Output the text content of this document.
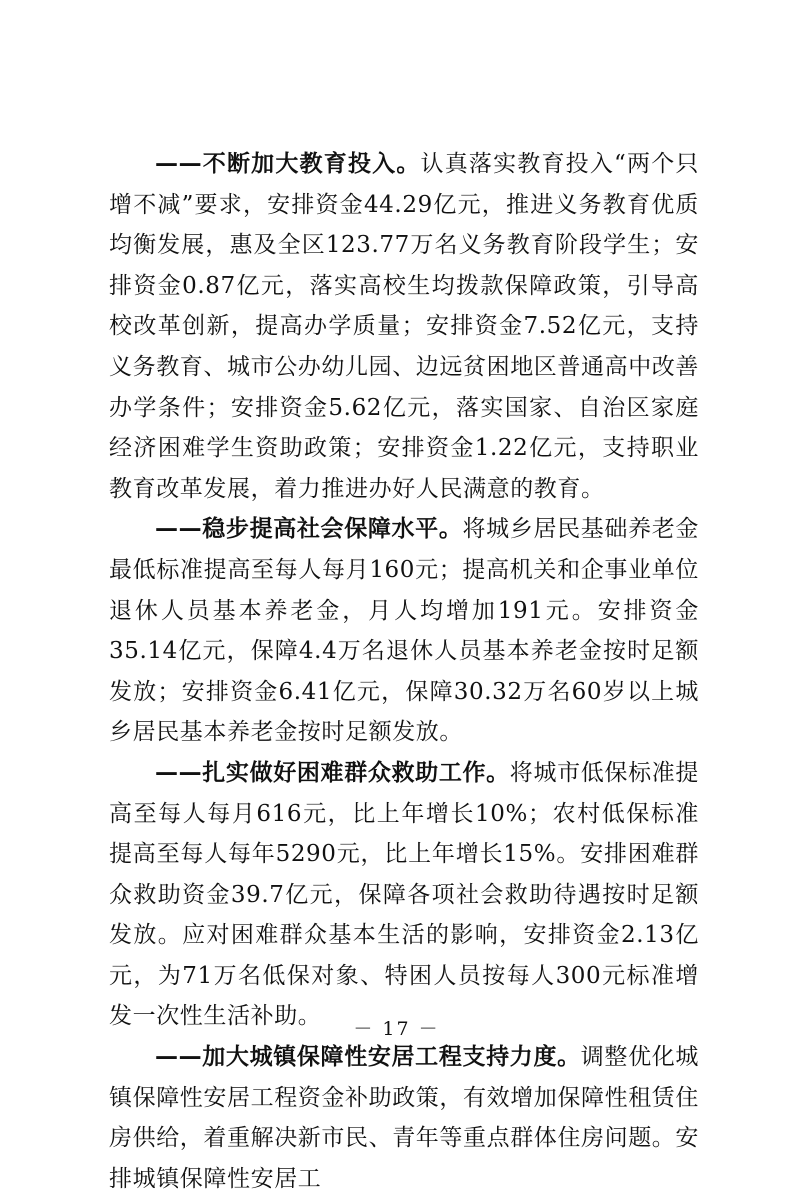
——不断加大教育投入。认真落实教育投入“两个只增不减”要求，安排资金44.29亿元，推进义务教育优质均衡发展，惠及全区123.77万名义务教育阶段学生；安排资金0.87亿元，落实高校生均拨款保障政策，引导高校改革创新，提高办学质量；安排资金7.52亿元，支持义务教育、城市公办幼儿园、边远贫困地区普通高中改善办学条件；安排资金5.62亿元，落实国家、自治区家庭经济困难学生资助政策；安排资金1.22亿元，支持职业教育改革发展，着力推进办好人民满意的教育。

——稳步提高社会保障水平。将城乡居民基础养老金最低标准提高至每人每月160元；提高机关和企事业单位退休人员基本养老金，月人均增加191元。安排资金35.14亿元，保障4.4万名退休人员基本养老金按时足额发放；安排资金6.41亿元，保障30.32万名60岁以上城乡居民基本养老金按时足额发放。

——扎实做好困难群众救助工作。将城市低保标准提高至每人每月616元，比上年增长10%；农村低保标准提高至每人每年5290元，比上年增长15%。安排困难群众救助资金39.7亿元，保障各项社会救助待遇按时足额发放。应对困难群众基本生活的影响，安排资金2.13亿元，为71万名低保对象、特困人员按每人300元标准增发一次性生活补助。

——加大城镇保障性安居工程支持力度。调整优化城镇保障性安居工程资金补助政策，有效增加保障性租赁住房供给，着重解决新市民、青年等重点群体住房问题。安排城镇保障性安居工

－ 17 －
